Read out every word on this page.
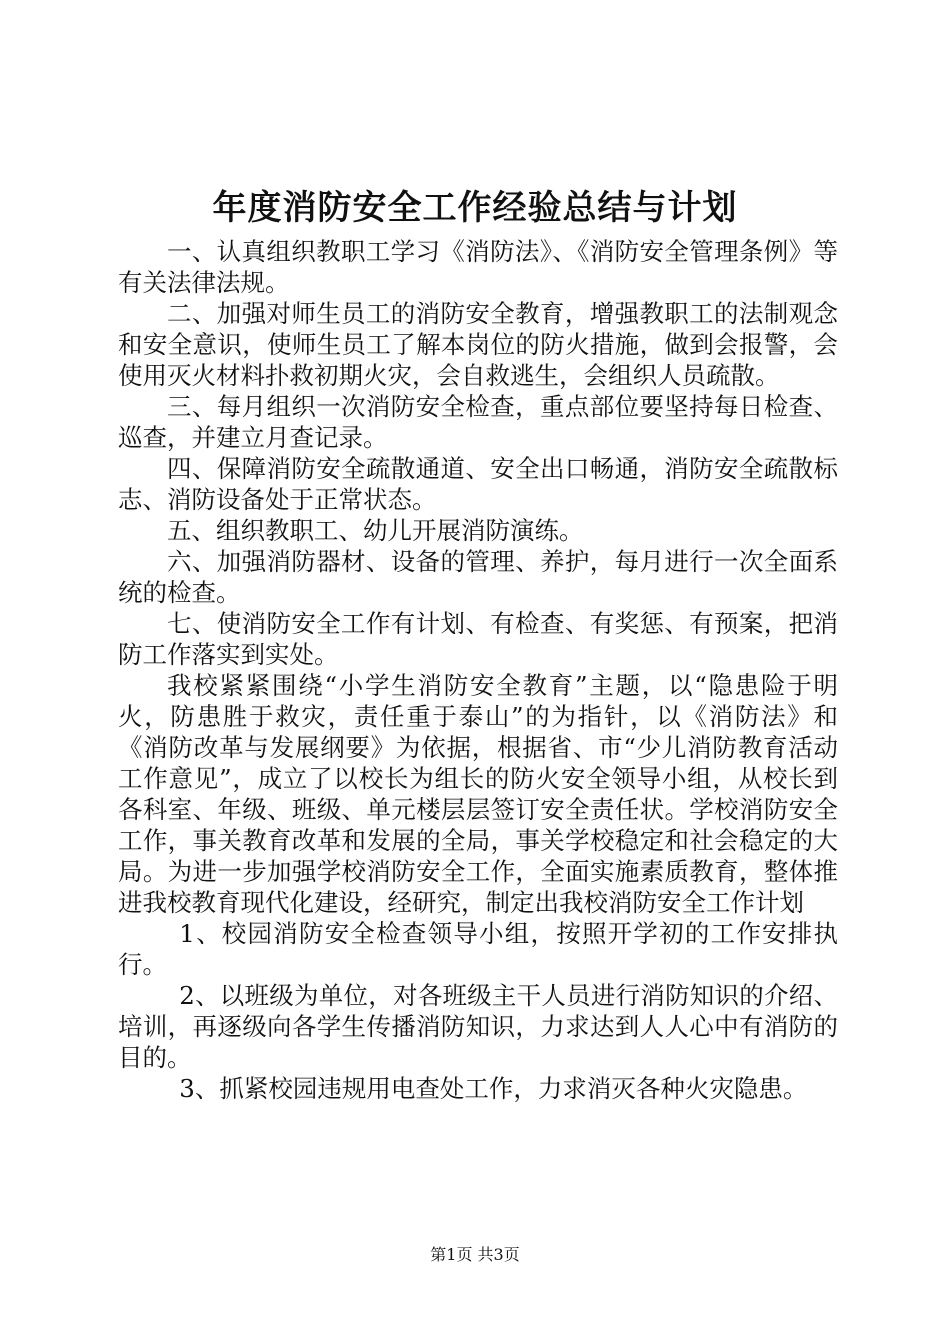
年度消防安全工作经验总结与计划

一、认真组织教职工学习《消防法》、《消防安全管理条例》等有关法律法规。

二、加强对师生员工的消防安全教育，增强教职工的法制观念和安全意识，使师生员工了解本岗位的防火措施，做到会报警，会使用灭火材料扑救初期火灾，会自救逃生，会组织人员疏散。

三、每月组织一次消防安全检查，重点部位要坚持每日检查、巡查，并建立月查记录。

四、保障消防安全疏散通道、安全出口畅通，消防安全疏散标志、消防设备处于正常状态。

五、组织教职工、幼儿开展消防演练。

六、加强消防器材、设备的管理、养护，每月进行一次全面系统的检查。

七、使消防安全工作有计划、有检查、有奖惩、有预案，把消防工作落实到实处。

我校紧紧围绕“小学生消防安全教育”主题，以“隐患险于明火，防患胜于救灾，责任重于泰山”的为指针，以《消防法》和《消防改革与发展纲要》为依据，根据省、市“少儿消防教育活动工作意见”，成立了以校长为组长的防火安全领导小组，从校长到各科室、年级、班级、单元楼层层签订安全责任状。学校消防安全工作，事关教育改革和发展的全局，事关学校稳定和社会稳定的大局。为进一步加强学校消防安全工作，全面实施素质教育，整体推进我校教育现代化建设，经研究，制定出我校消防安全工作计划

1、校园消防安全检查领导小组，按照开学初的工作安排执行。

2、以班级为单位，对各班级主干人员进行消防知识的介绍、培训，再逐级向各学生传播消防知识，力求达到人人心中有消防的目的。

3、抓紧校园违规用电查处工作，力求消灭各种火灾隐患。

第1页 共3页
